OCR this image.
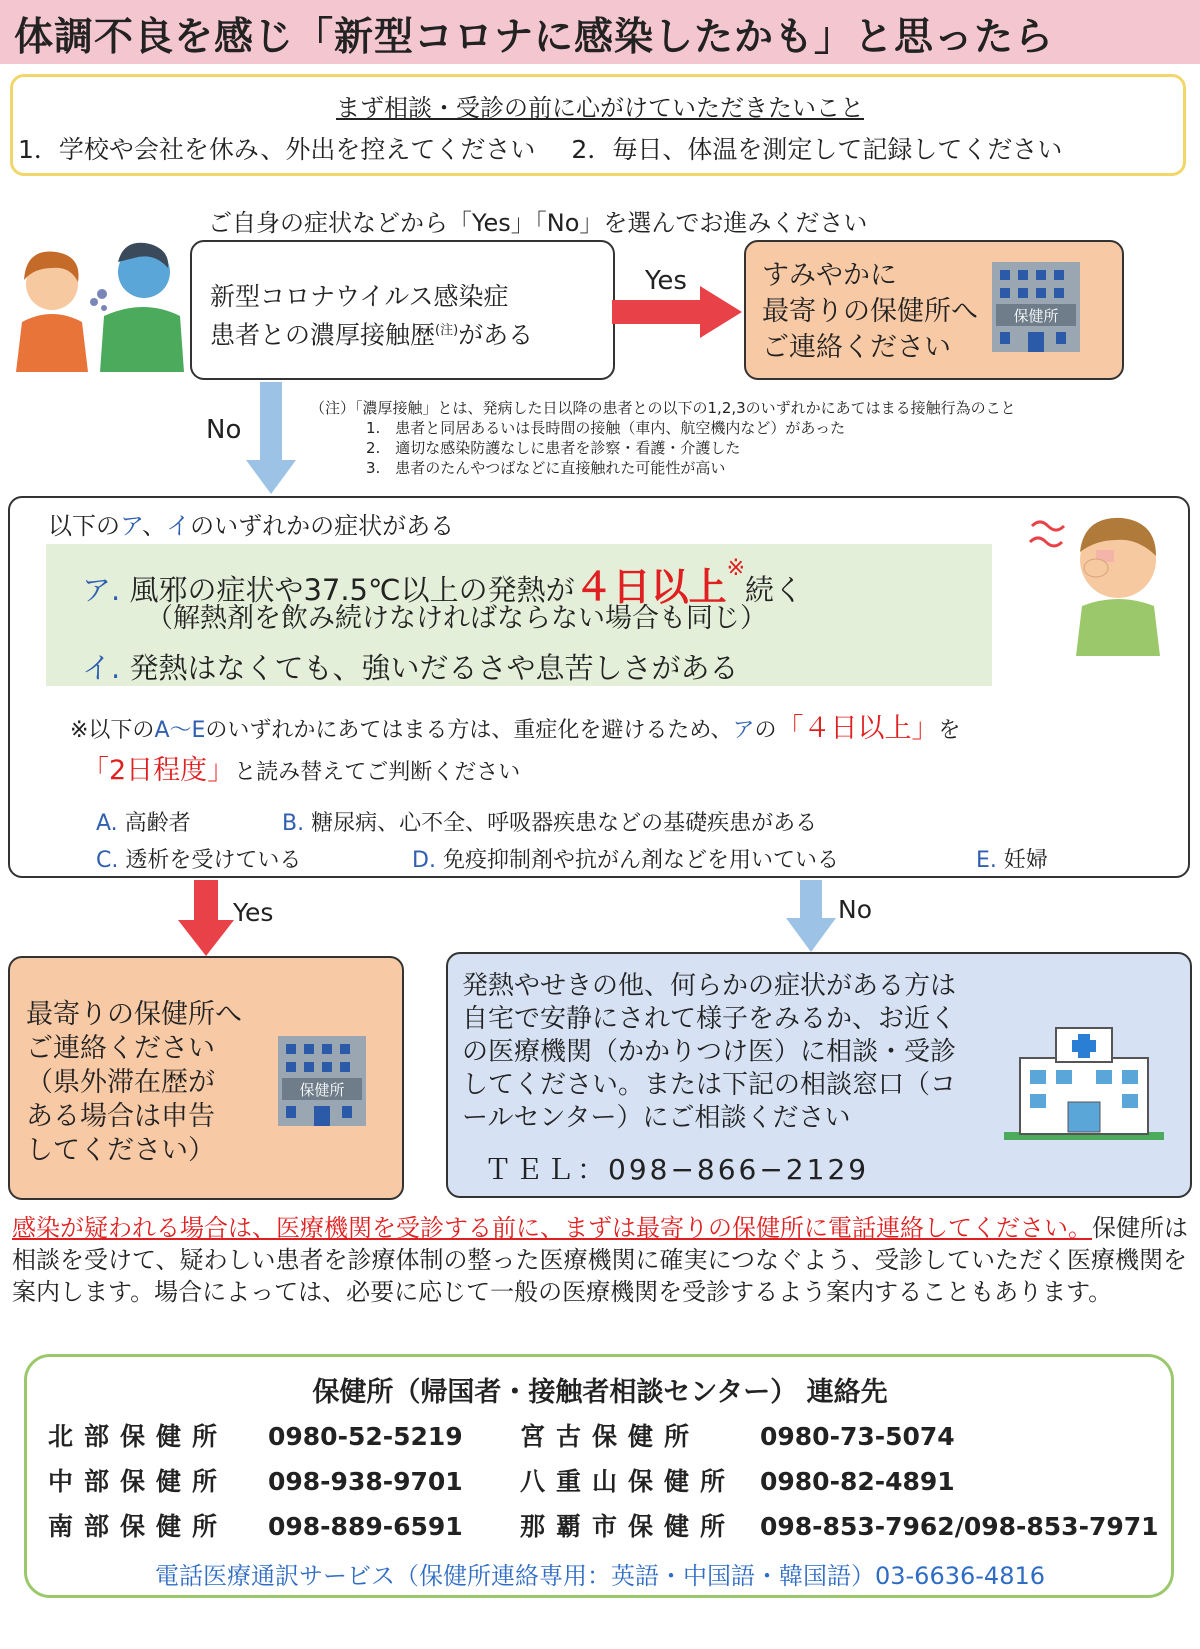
体調不良を感じ「新型コロナに感染したかも」と思ったら
まず相談・受診の前に心がけていただきたいこと
1．学校や会社を休み、外出を控えてください 2．毎日、体温を測定して記録してください
ご自身の症状などから「Yes」「No」を選んでお進みください
新型コロナウイルス感染症
患者との濃厚接触歴$^{(注)}$がある
Yes	すみやかに
最寄りの保健所へ
ご連絡ください
保健所
No
（注）「濃厚接触」とは、発病した日以降の患者との以下の1,2,3のいずれかにあてはまる接触行為のこと
1.　患者と同居あるいは長時間の接触（車内、航空機内など）があった
2.　適切な感染防護なしに患者を診察・看護・介護した
3.　患者のたんやつばなどに直接触れた可能性が高い
以下のア、イのいずれかの症状がある
ア. 風邪の症状や37.5℃以上の発熱が４日以上※続く
（解熱剤を飲み続けなければならない場合も同じ）
イ. 発熱はなくても、強いだるさや息苦しさがある
※以下のA〜Eのいずれかにあてはまる方は、重症化を避けるため、アの「４日以上」を
「2日程度」と読み替えてご判断ください
A. 高齢者	B. 糖尿病、心不全、呼吸器疾患などの基礎疾患がある
C. 透析を受けている	D. 免疫抑制剤や抗がん剤などを用いている	E. 妊婦
Yes	No
最寄りの保健所へ
ご連絡ください
（県外滞在歴が
ある場合は申告
してください）
保健所
発熱やせきの他、何らかの症状がある方は
自宅で安静にされて様子をみるか、お近く
の医療機関（かかりつけ医）に相談・受診
してください。または下記の相談窓口（コ
ールセンター）にご相談ください
ＴＥＬ：098−866−2129
感染が疑われる場合は、医療機関を受診する前に、まずは最寄りの保健所に電話連絡してください。保健所は相談を受けて、疑わしい患者を診療体制の整った医療機関に確実につなぐよう、受診していただく医療機関を案内します。場合によっては、必要に応じて一般の医療機関を受診するよう案内することもあります。
保健所（帰国者・接触者相談センター） 連絡先
北部保健所 0980-52-5219 宮古保健所 0980-73-5074
中部保健所 098-938-9701 八重山保健所 0980-82-4891
南部保健所 098-889-6591 那覇市保健所 098-853-7962/098-853-7971
電話医療通訳サービス（保健所連絡専用：英語・中国語・韓国語）03-6636-4816
